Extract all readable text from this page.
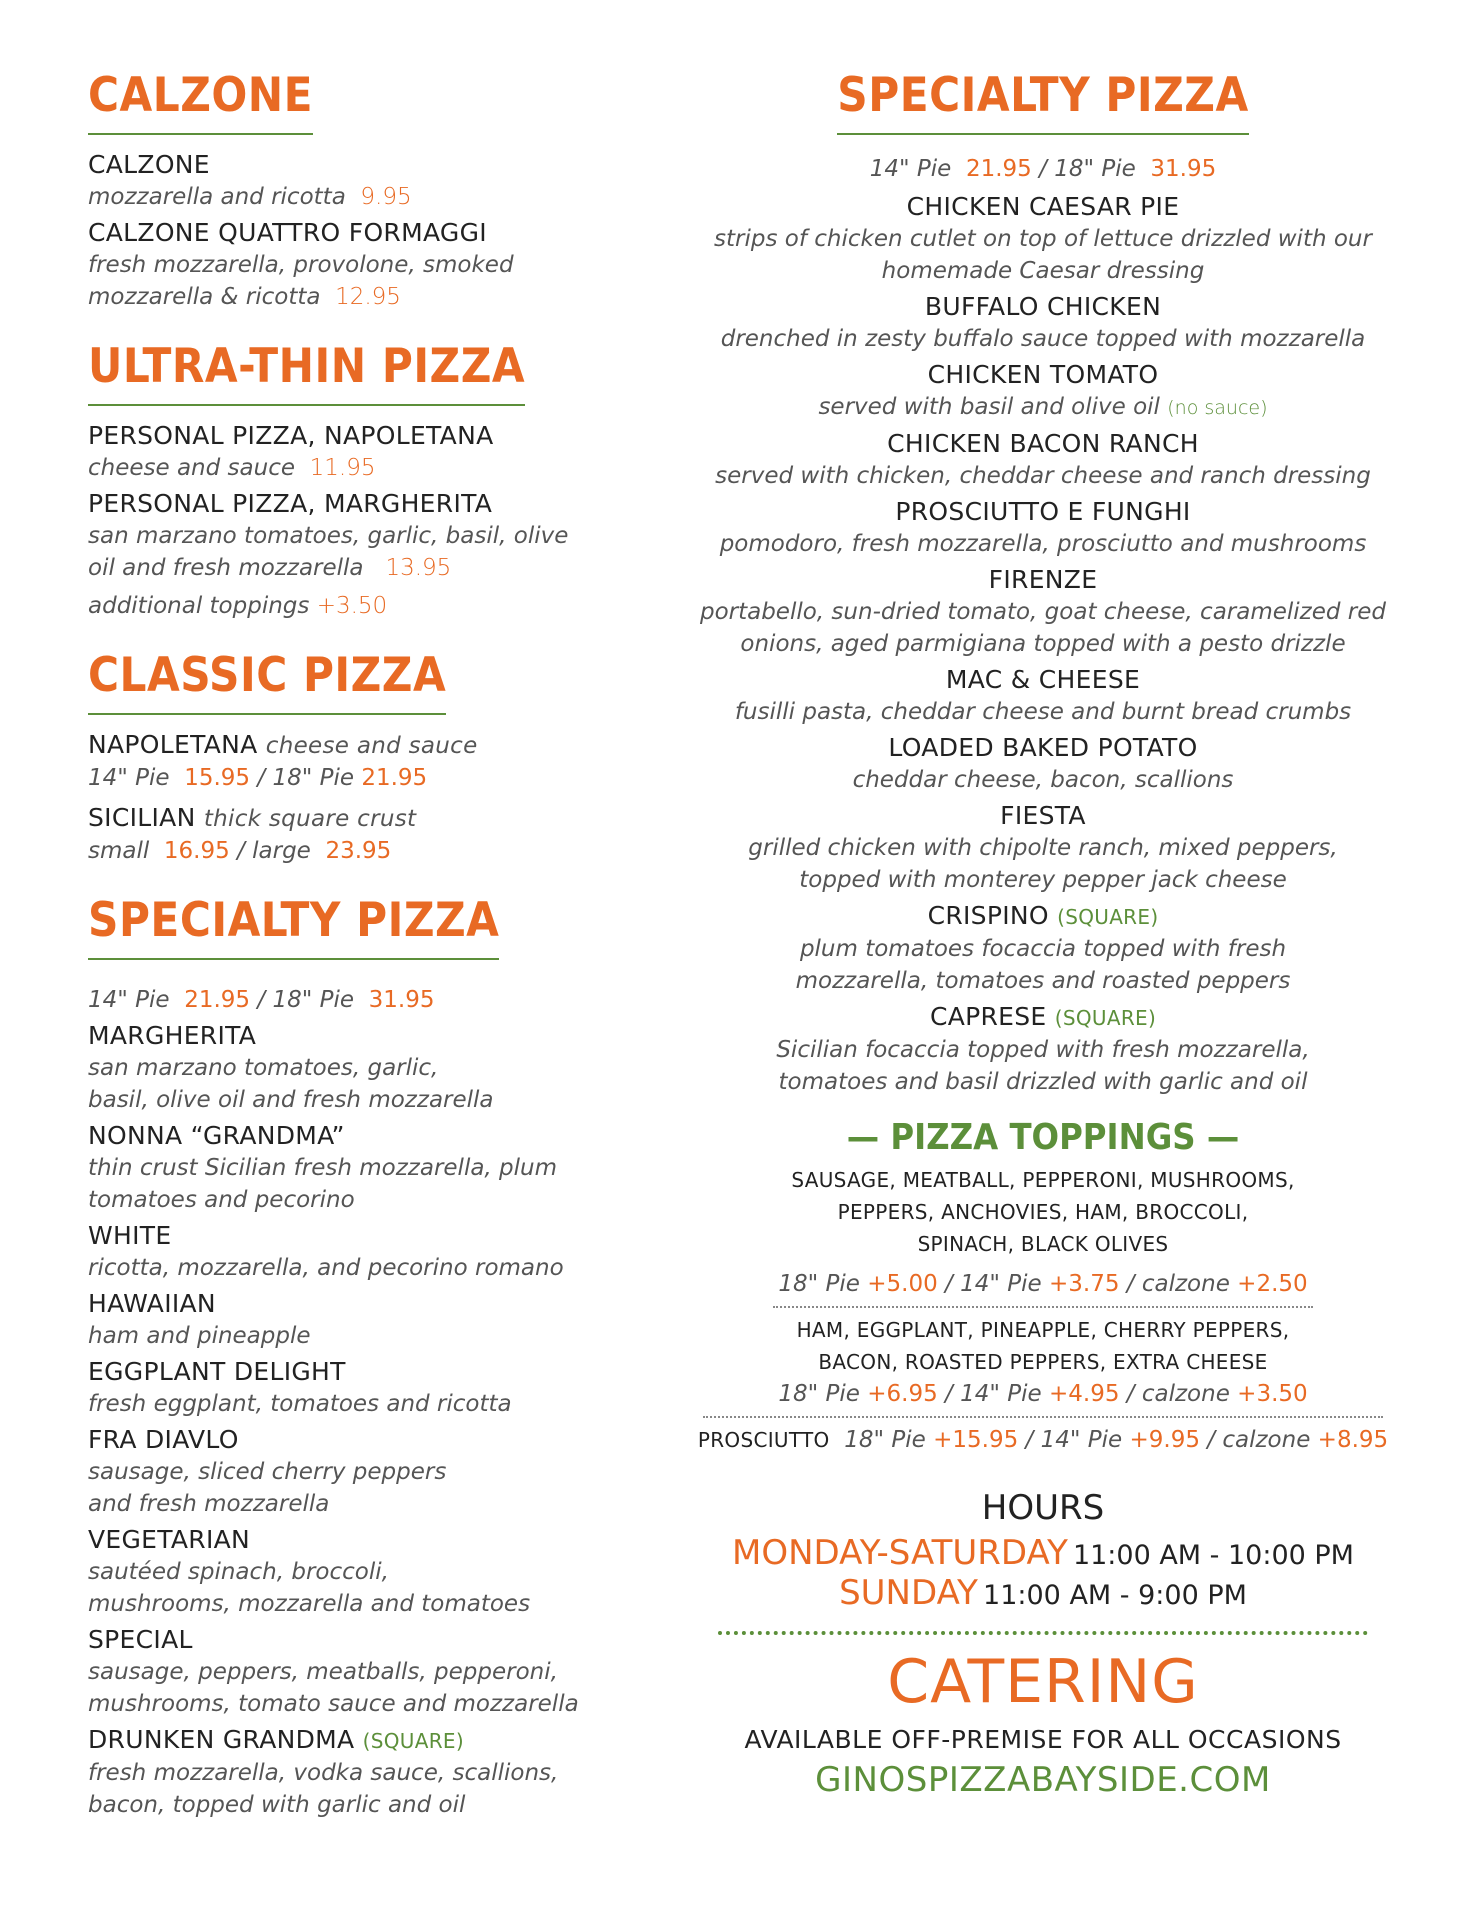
CALZONE
CALZONE
mozzarella and ricotta 9.95
CALZONE QUATTRO FORMAGGI
fresh mozzarella, provolone, smoked
mozzarella & ricotta 12.95
ULTRA-THIN PIZZA
PERSONAL PIZZA, NAPOLETANA
cheese and sauce 11.95
PERSONAL PIZZA, MARGHERITA
san marzano tomatoes, garlic, basil, olive
oil and fresh mozzarella 13.95
additional toppings +3.50
CLASSIC PIZZA
NAPOLETANA cheese and sauce
14" Pie 15.95 / 18" Pie 21.95
SICILIAN thick square crust
small 16.95 / large 23.95
SPECIALTY PIZZA
14" Pie 21.95 / 18" Pie 31.95
MARGHERITA
san marzano tomatoes, garlic,
basil, olive oil and fresh mozzarella
NONNA “GRANDMA”
thin crust Sicilian fresh mozzarella, plum
tomatoes and pecorino
WHITE
ricotta, mozzarella, and pecorino romano
HAWAIIAN
ham and pineapple
EGGPLANT DELIGHT
fresh eggplant, tomatoes and ricotta
FRA DIAVLO
sausage, sliced cherry peppers
and fresh mozzarella
VEGETARIAN
sautéed spinach, broccoli,
mushrooms, mozzarella and tomatoes
SPECIAL
sausage, peppers, meatballs, pepperoni,
mushrooms, tomato sauce and mozzarella
DRUNKEN GRANDMA (SQUARE)
fresh mozzarella, vodka sauce, scallions,
bacon, topped with garlic and oil
SPECIALTY PIZZA
14" Pie 21.95 / 18" Pie 31.95
CHICKEN CAESAR PIE
strips of chicken cutlet on top of lettuce drizzled with our
homemade Caesar dressing
BUFFALO CHICKEN
drenched in zesty buffalo sauce topped with mozzarella
CHICKEN TOMATO
served with basil and olive oil (no sauce)
CHICKEN BACON RANCH
served with chicken, cheddar cheese and ranch dressing
PROSCIUTTO E FUNGHI
pomodoro, fresh mozzarella, prosciutto and mushrooms
FIRENZE
portabello, sun-dried tomato, goat cheese, caramelized red
onions, aged parmigiana topped with a pesto drizzle
MAC & CHEESE
fusilli pasta, cheddar cheese and burnt bread crumbs
LOADED BAKED POTATO
cheddar cheese, bacon, scallions
FIESTA
grilled chicken with chipolte ranch, mixed peppers,
topped with monterey pepper jack cheese
CRISPINO (SQUARE)
plum tomatoes focaccia topped with fresh
mozzarella, tomatoes and roasted peppers
CAPRESE (SQUARE)
Sicilian focaccia topped with fresh mozzarella,
tomatoes and basil drizzled with garlic and oil
— PIZZA TOPPINGS —
SAUSAGE, MEATBALL, PEPPERONI, MUSHROOMS,
PEPPERS, ANCHOVIES, HAM, BROCCOLI,
SPINACH, BLACK OLIVES
18" Pie +5.00 / 14" Pie +3.75 / calzone +2.50
HAM, EGGPLANT, PINEAPPLE, CHERRY PEPPERS,
BACON, ROASTED PEPPERS, EXTRA CHEESE
18" Pie +6.95 / 14" Pie +4.95 / calzone +3.50
PROSCIUTTO 18" Pie +15.95 / 14" Pie +9.95 / calzone +8.95
HOURS
MONDAY-SATURDAY 11:00 AM - 10:00 PM
SUNDAY 11:00 AM - 9:00 PM
CATERING
AVAILABLE OFF-PREMISE FOR ALL OCCASIONS
GINOSPIZZABAYSIDE.COM
